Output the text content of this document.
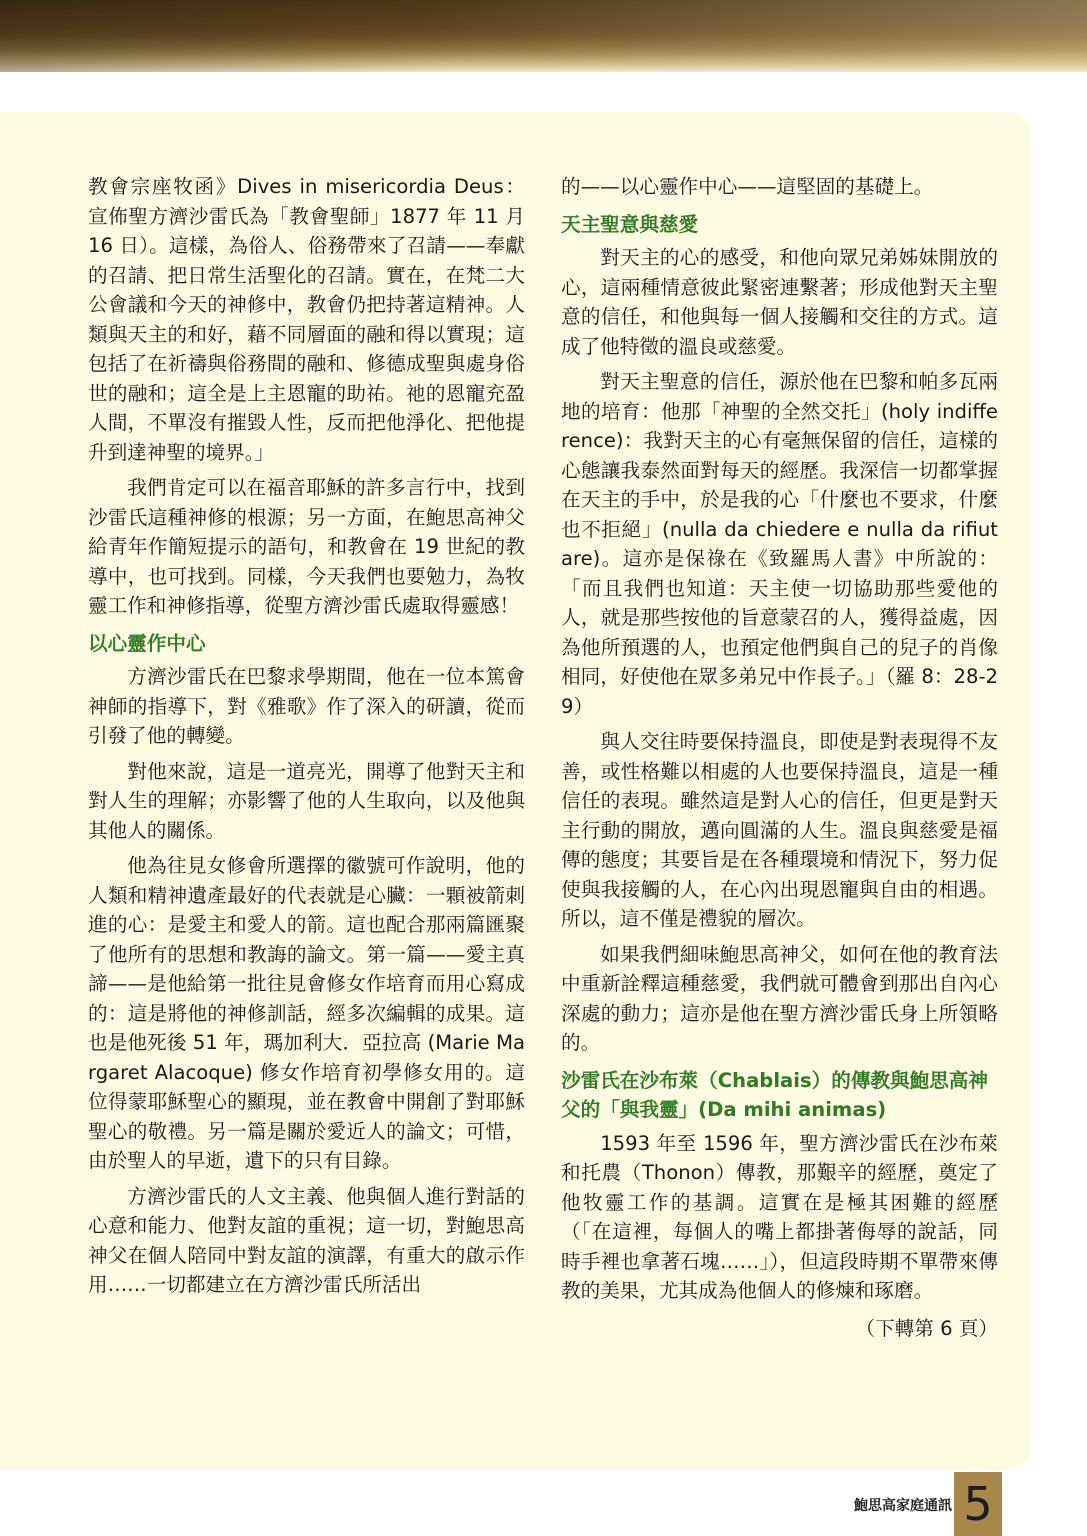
教會宗座牧函》Dives in misericordia Deus：宣佈聖方濟沙雷氏為「教會聖師」1877 年 11 月16 日）。這樣，為俗人、俗務帶來了召請——奉獻的召請、把日常生活聖化的召請。實在，在梵二大公會議和今天的神修中，教會仍把持著這精神。人類與天主的和好，藉不同層面的融和得以實現；這包括了在祈禱與俗務間的融和、修德成聖與處身俗世的融和；這全是上主恩寵的助祐。祂的恩寵充盈人間，不單沒有摧毀人性，反而把他淨化、把他提升到達神聖的境界。」

我們肯定可以在福音耶穌的許多言行中，找到沙雷氏這種神修的根源；另一方面，在鮑思高神父給青年作簡短提示的語句，和教會在 19 世紀的教導中，也可找到。同樣，今天我們也要勉力，為牧靈工作和神修指導，從聖方濟沙雷氏處取得靈感！

以心靈作中心

方濟沙雷氏在巴黎求學期間，他在一位本篤會神師的指導下，對《雅歌》作了深入的研讀，從而引發了他的轉變。

對他來說，這是一道亮光，開導了他對天主和對人生的理解；亦影響了他的人生取向，以及他與其他人的關係。

他為往見女修會所選擇的徽號可作說明，他的人類和精神遺產最好的代表就是心臟：一顆被箭刺進的心：是愛主和愛人的箭。這也配合那兩篇匯聚了他所有的思想和教誨的論文。第一篇——愛主真諦——是他給第一批往見會修女作培育而用心寫成的：這是將他的神修訓話，經多次編輯的成果。這也是他死後 51 年，瑪加利大．亞拉高 (Marie Margaret Alacoque) 修女作培育初學修女用的。這位得蒙耶穌聖心的顯現，並在教會中開創了對耶穌聖心的敬禮。另一篇是關於愛近人的論文；可惜，由於聖人的早逝，遺下的只有目錄。

方濟沙雷氏的人文主義、他與個人進行對話的心意和能力、他對友誼的重視；這一切，對鮑思高神父在個人陪同中對友誼的演譯，有重大的啟示作用……一切都建立在方濟沙雷氏所活出

的——以心靈作中心——這堅固的基礎上。

天主聖意與慈愛

對天主的心的感受，和他向眾兄弟姊妹開放的心，這兩種情意彼此緊密連繫著；形成他對天主聖意的信任，和他與每一個人接觸和交往的方式。這成了他特徵的溫良或慈愛。

對天主聖意的信任，源於他在巴黎和帕多瓦兩地的培育：他那「神聖的全然交托」(holy indifference)：我對天主的心有毫無保留的信任，這樣的心態讓我泰然面對每天的經歷。我深信一切都掌握在天主的手中，於是我的心「什麼也不要求，什麼也不拒絕」(nulla da chiedere e nulla da rifiutare)。這亦是保祿在《致羅馬人書》中所說的：「而且我們也知道：天主使一切協助那些愛他的人，就是那些按他的旨意蒙召的人，獲得益處，因為他所預選的人，也預定他們與自己的兒子的肖像相同，好使他在眾多弟兄中作長子。」（羅 8：28-29）

與人交往時要保持溫良，即使是對表現得不友善，或性格難以相處的人也要保持溫良，這是一種信任的表現。雖然這是對人心的信任，但更是對天主行動的開放，邁向圓滿的人生。溫良與慈愛是福傳的態度；其要旨是在各種環境和情況下，努力促使與我接觸的人，在心內出現恩寵與自由的相遇。所以，這不僅是禮貌的層次。

如果我們細味鮑思高神父，如何在他的教育法中重新詮釋這種慈愛，我們就可體會到那出自內心深處的動力；這亦是他在聖方濟沙雷氏身上所領略的。

沙雷氏在沙布萊（Chablais）的傳教與鮑思高神父的「與我靈」(Da mihi animas)

1593 年至 1596 年，聖方濟沙雷氏在沙布萊和托農（Thonon）傳教，那艱辛的經歷，奠定了他牧靈工作的基調。這實在是極其困難的經歷（「在這裡，每個人的嘴上都掛著侮辱的說話，同時手裡也拿著石塊……」），但這段時期不單帶來傳教的美果，尤其成為他個人的修煉和琢磨。

（下轉第 6 頁）

鮑思高家庭通訊 5
